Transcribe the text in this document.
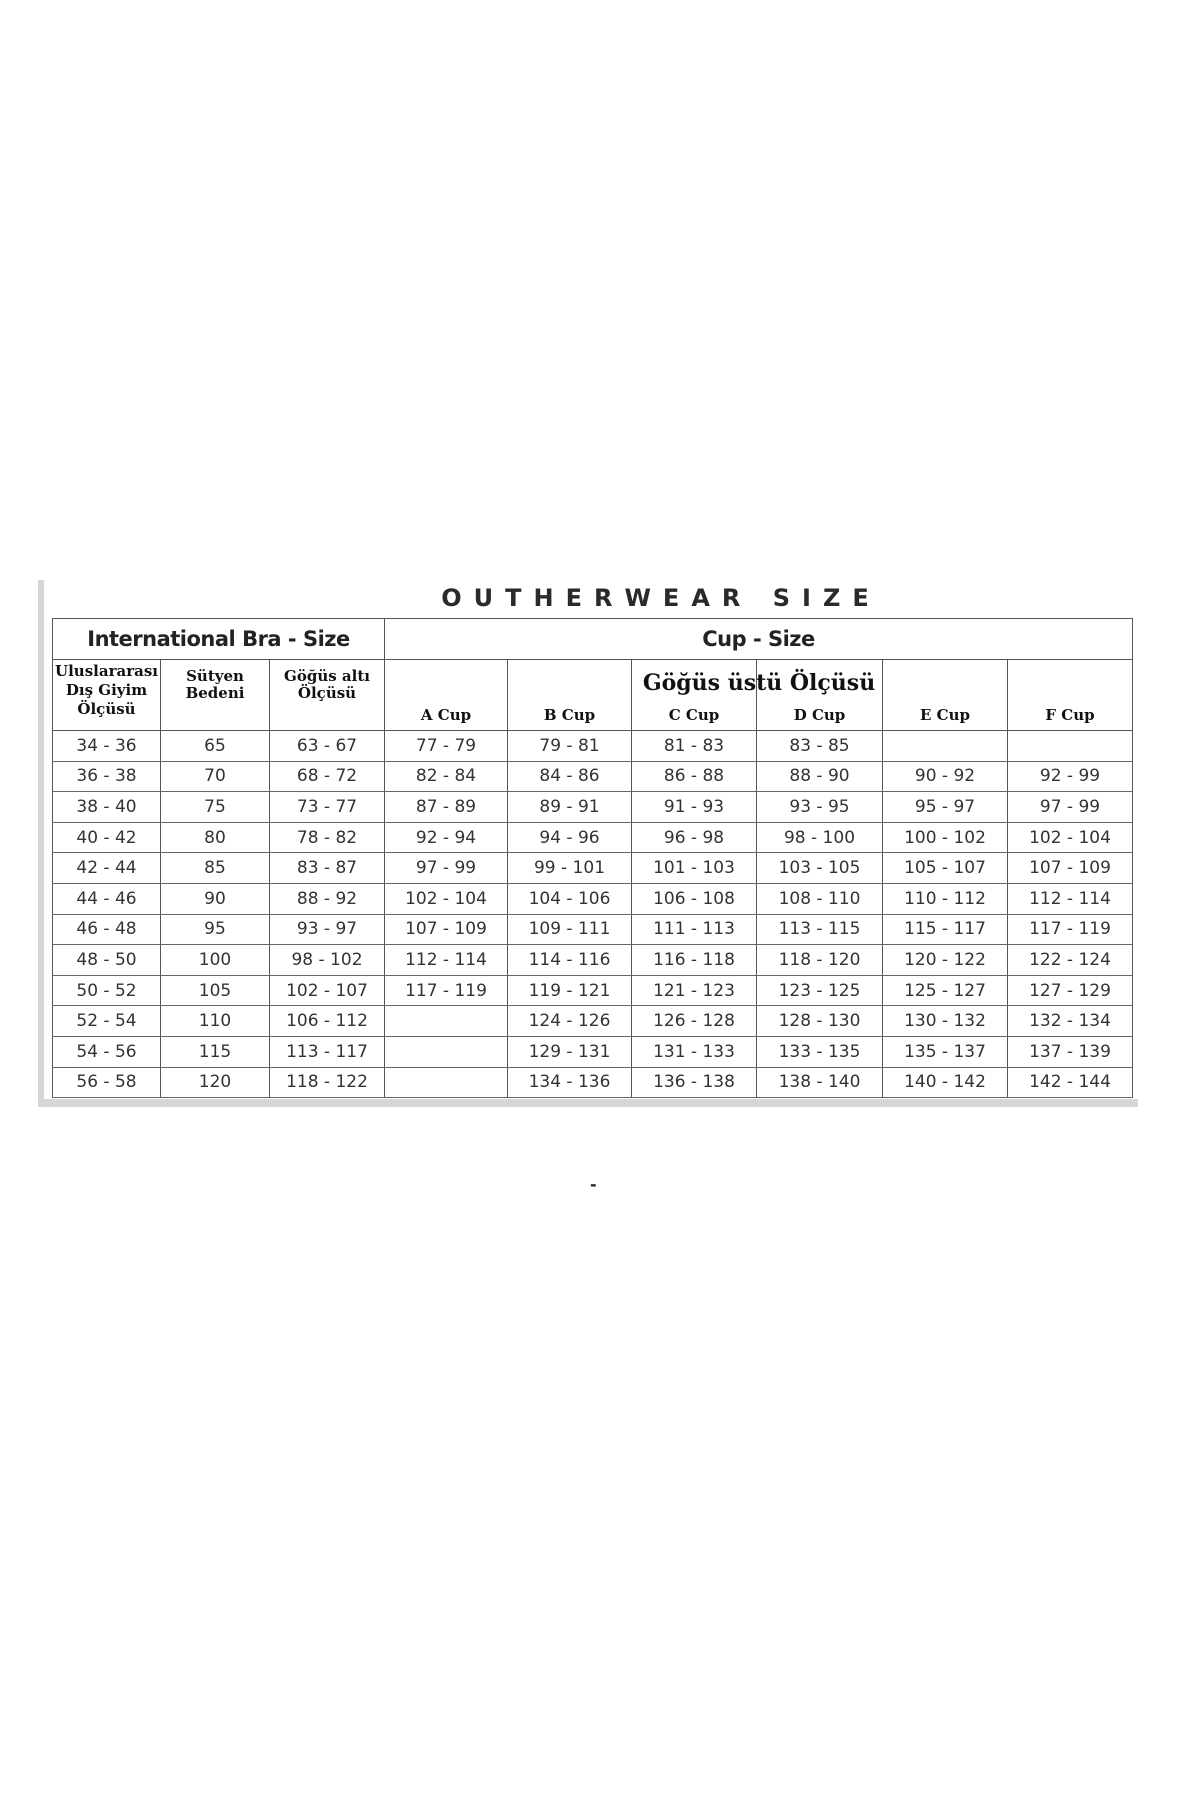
OUTHERWEAR SIZE
Göğüs üstü Ölçüsü
International Bra - Size			Cup - Size					
Uluslararası Dış Giyim Ölçüsü	Sütyen Bedeni	Göğüs altı Ölçüsü	A Cup	B Cup	C Cup	D Cup	E Cup	F Cup
34 - 36	65	63 - 67	77 - 79	79 - 81	81 - 83	83 - 85		
36 - 38	70	68 - 72	82 - 84	84 - 86	86 - 88	88 - 90	90 - 92	92 - 99
38 - 40	75	73 - 77	87 - 89	89 - 91	91 - 93	93 - 95	95 - 97	97 - 99
40 - 42	80	78 - 82	92 - 94	94 - 96	96 - 98	98 - 100	100 - 102	102 - 104
42 - 44	85	83 - 87	97 - 99	99 - 101	101 - 103	103 - 105	105 - 107	107 - 109
44 - 46	90	88 - 92	102 - 104	104 - 106	106 - 108	108 - 110	110 - 112	112 - 114
46 - 48	95	93 - 97	107 - 109	109 - 111	111 - 113	113 - 115	115 - 117	117 - 119
48 - 50	100	98 - 102	112 - 114	114 - 116	116 - 118	118 - 120	120 - 122	122 - 124
50 - 52	105	102 - 107	117 - 119	119 - 121	121 - 123	123 - 125	125 - 127	127 - 129
52 - 54	110	106 - 112		124 - 126	126 - 128	128 - 130	130 - 132	132 - 134
54 - 56	115	113 - 117		129 - 131	131 - 133	133 - 135	135 - 137	137 - 139
56 - 58	120	118 - 122		134 - 136	136 - 138	138 - 140	140 - 142	142 - 144
-
